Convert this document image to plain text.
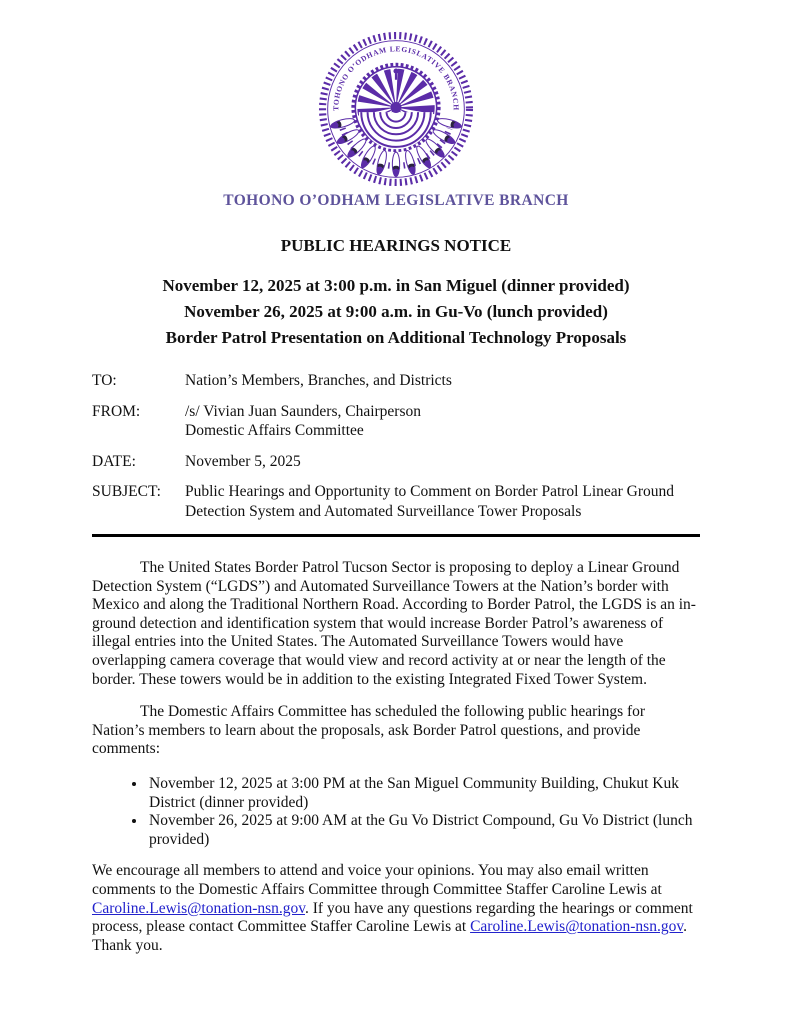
TOHONO O’ODHAM LEGISLATIVE BRANCH
TOHONO O’ODHAM LEGISLATIVE BRANCH
PUBLIC HEARINGS NOTICE
November 12, 2025 at 3:00 p.m. in San Miguel (dinner provided)
November 26, 2025 at 9:00 a.m. in Gu-Vo (lunch provided)
Border Patrol Presentation on Additional Technology Proposals
TO:	Nation’s Members, Branches, and Districts
FROM:	/s/ Vivian Juan Saunders, Chairperson
Domestic Affairs Committee
DATE:	November 5, 2025
SUBJECT:	Public Hearings and Opportunity to Comment on Border Patrol Linear Ground Detection System and Automated Surveillance Tower Proposals

The United States Border Patrol Tucson Sector is proposing to deploy a Linear Ground Detection System (“LGDS”) and Automated Surveillance Towers at the Nation’s border with Mexico and along the Traditional Northern Road. According to Border Patrol, the LGDS is an in-ground detection and identification system that would increase Border Patrol’s awareness of illegal entries into the United States. The Automated Surveillance Towers would have overlapping camera coverage that would view and record activity at or near the length of the border. These towers would be in addition to the existing Integrated Fixed Tower System.

The Domestic Affairs Committee has scheduled the following public hearings for Nation’s members to learn about the proposals, ask Border Patrol questions, and provide comments:

• November 12, 2025 at 3:00 PM at the San Miguel Community Building, Chukut Kuk District (dinner provided)
• November 26, 2025 at 9:00 AM at the Gu Vo District Compound, Gu Vo District (lunch provided)

We encourage all members to attend and voice your opinions. You may also email written comments to the Domestic Affairs Committee through Committee Staffer Caroline Lewis at Caroline.Lewis@tonation-nsn.gov. If you have any questions regarding the hearings or comment process, please contact Committee Staffer Caroline Lewis at Caroline.Lewis@tonation-nsn.gov. Thank you.
